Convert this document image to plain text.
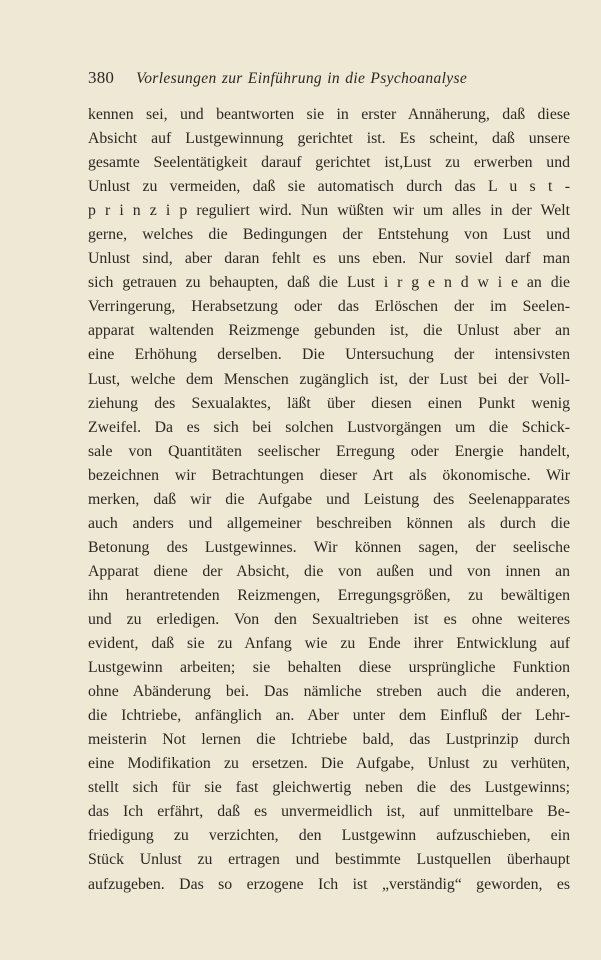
380 Vorlesungen zur Einführung in die Psychoanalyse
kennen sei, und beantworten sie in erster Annäherung, daß diese
Absicht auf Lustgewinnung gerichtet ist. Es scheint, daß unsere
gesamte Seelentätigkeit darauf gerichtet ist,Lust zu erwerben und
Unlust zu vermeiden, daß sie automatisch durch das L u s t -
p r i n z i p reguliert wird. Nun wüßten wir um alles in der Welt
gerne, welches die Bedingungen der Entstehung von Lust und
Unlust sind, aber daran fehlt es uns eben. Nur soviel darf man
sich getrauen zu behaupten, daß die Lust i r g e n d w i e an die
Verringerung, Herabsetzung oder das Erlöschen der im Seelen-
apparat waltenden Reizmenge gebunden ist, die Unlust aber an
eine Erhöhung derselben. Die Untersuchung der intensivsten
Lust, welche dem Menschen zugänglich ist, der Lust bei der Voll-
ziehung des Sexualaktes, läßt über diesen einen Punkt wenig
Zweifel. Da es sich bei solchen Lustvorgängen um die Schick-
sale von Quantitäten seelischer Erregung oder Energie handelt,
bezeichnen wir Betrachtungen dieser Art als ökonomische. Wir
merken, daß wir die Aufgabe und Leistung des Seelenapparates
auch anders und allgemeiner beschreiben können als durch die
Betonung des Lustgewinnes. Wir können sagen, der seelische
Apparat diene der Absicht, die von außen und von innen an
ihn herantretenden Reizmengen, Erregungsgrößen, zu bewältigen
und zu erledigen. Von den Sexualtrieben ist es ohne weiteres
evident, daß sie zu Anfang wie zu Ende ihrer Entwicklung auf
Lustgewinn arbeiten; sie behalten diese ursprüngliche Funktion
ohne Abänderung bei. Das nämliche streben auch die anderen,
die Ichtriebe, anfänglich an. Aber unter dem Einfluß der Lehr-
meisterin Not lernen die Ichtriebe bald, das Lustprinzip durch
eine Modifikation zu ersetzen. Die Aufgabe, Unlust zu verhüten,
stellt sich für sie fast gleichwertig neben die des Lustgewinns;
das Ich erfährt, daß es unvermeidlich ist, auf unmittelbare Be-
friedigung zu verzichten, den Lustgewinn aufzuschieben, ein
Stück Unlust zu ertragen und bestimmte Lustquellen überhaupt
aufzugeben. Das so erzogene Ich ist „verständig“ geworden, es
